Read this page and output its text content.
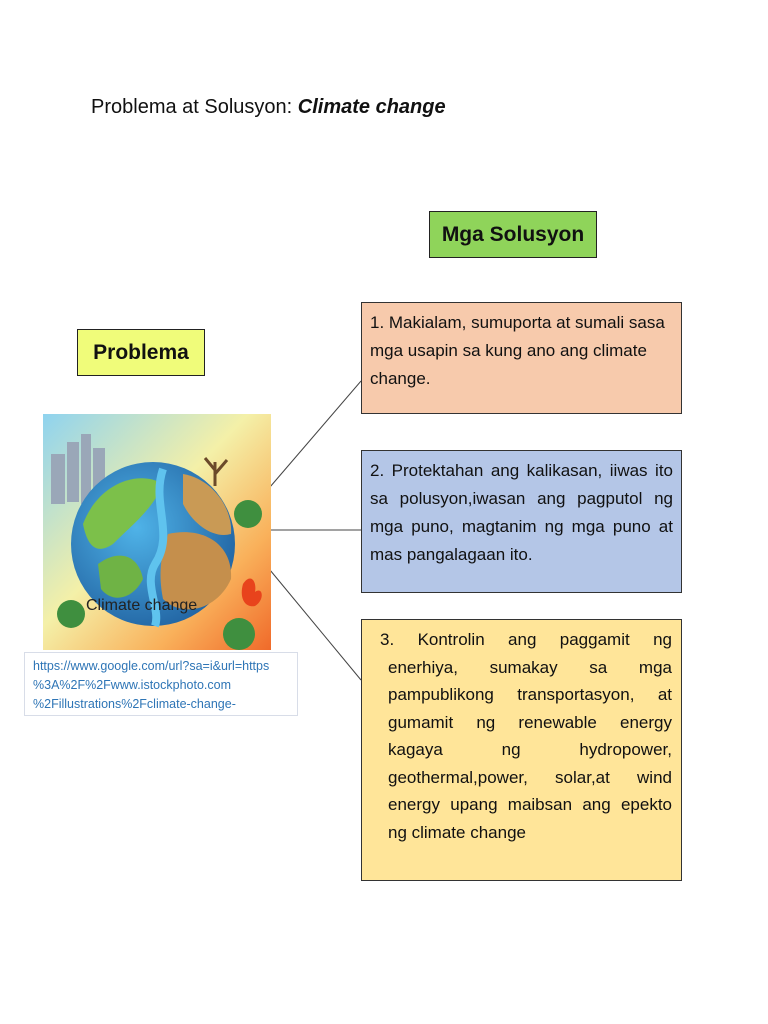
Problema at Solusyon: Climate change
Mga Solusyon
Problema
Climate change
https://www.google.com/url?sa=i&url=https
%3A%2F%2Fwww.istockphoto.com
%2Fillustrations%2Fclimate-change-
1. Makialam, sumuporta at sumali sasa mga usapin sa kung ano ang climate change.
2. Protektahan ang kalikasan, iiwas ito sa polusyon,iwasan ang pagputol ng mga puno, magtanim ng mga puno at mas pangalagaan ito.
3. Kontrolin ang paggamit ng enerhiya, sumakay sa mga pampublikong transportasyon, at gumamit ng renewable energy kagaya ng hydropower, geothermal,power, solar,at wind energy upang maibsan ang epekto ng climate change
